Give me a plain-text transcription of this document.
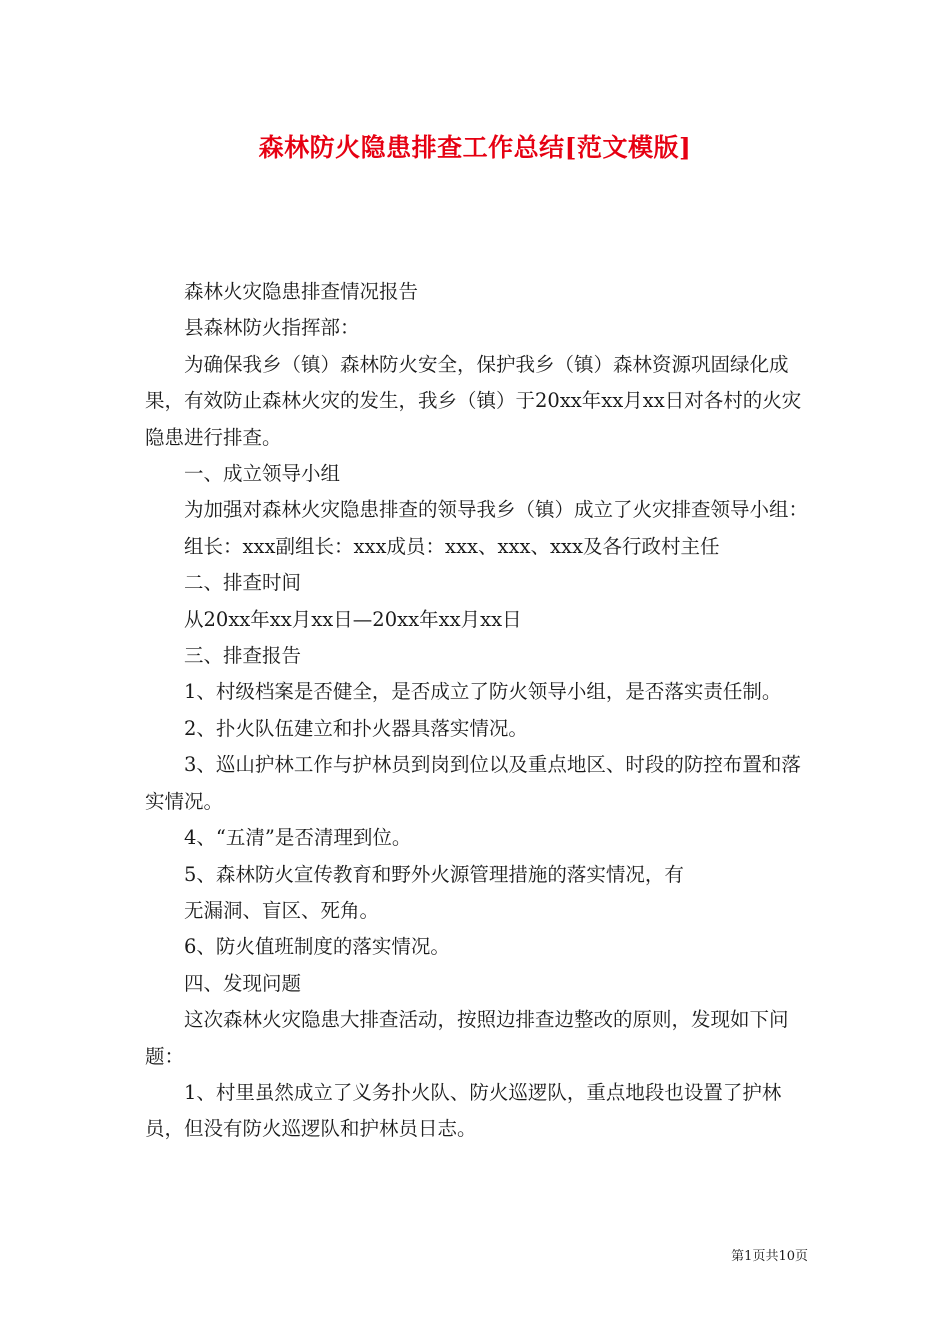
森林防火隐患排查工作总结[范文模版]

森林火灾隐患排查情况报告

县森林防火指挥部：

为确保我乡（镇）森林防火安全，保护我乡（镇）森林资源巩固绿化成果，有效防止森林火灾的发生，我乡（镇）于20xx年xx月xx日对各村的火灾隐患进行排查。

一、成立领导小组

为加强对森林火灾隐患排查的领导我乡（镇）成立了火灾排查领导小组：

组长：xxx副组长：xxx成员：xxx、xxx、xxx及各行政村主任

二、排查时间

从20xx年xx月xx日—20xx年xx月xx日

三、排查报告

1、村级档案是否健全，是否成立了防火领导小组，是否落实责任制。

2、扑火队伍建立和扑火器具落实情况。

3、巡山护林工作与护林员到岗到位以及重点地区、时段的防控布置和落实情况。

4、“五清”是否清理到位。

5、森林防火宣传教育和野外火源管理措施的落实情况，有

无漏洞、盲区、死角。

6、防火值班制度的落实情况。

四、发现问题

这次森林火灾隐患大排查活动，按照边排查边整改的原则，发现如下问题：

1、村里虽然成立了义务扑火队、防火巡逻队，重点地段也设置了护林员，但没有防火巡逻队和护林员日志。

第1页共10页
